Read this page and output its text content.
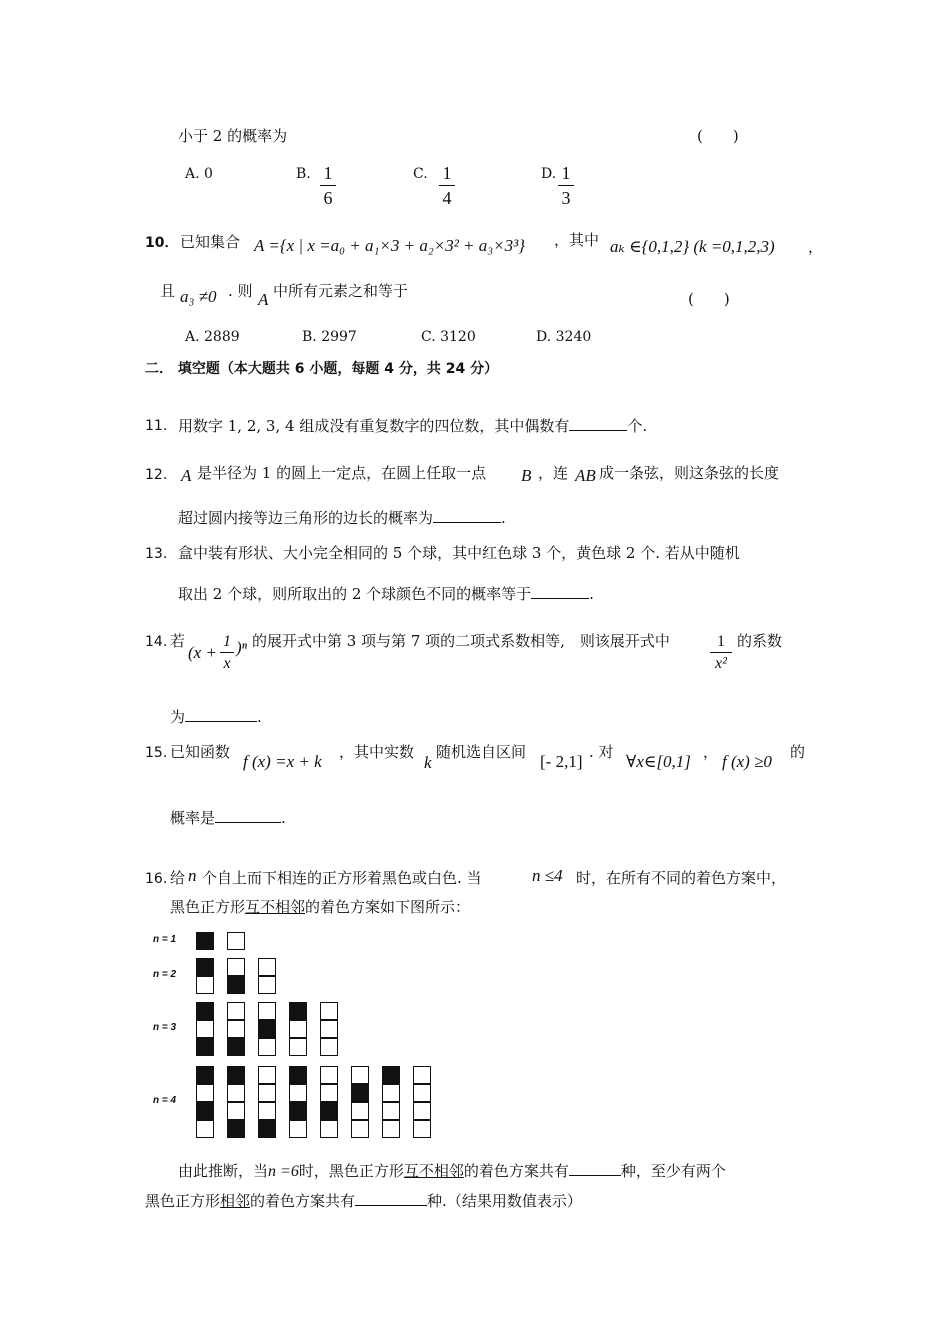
小于 2 的概率为	(　　)
A. 0	B. 1
6
C. 1
4
D. 1
3
10． 已知集合 A ={x | x =a₀ + a₁×3 + a₂×3² + a₃×3³} ，其中 aₖ ∈{0,1,2} (k =0,1,2,3) ，
且 a₃ ≠0 . 则 A 中所有元素之和等于	(　　)
A. 2889	B. 2997	C. 3120	D. 3240
二． 填空题（本大题共 6 小题，每题 4 分，共 24 分）
11. 用数字 1, 2, 3, 4 组成没有重复数字的四位数，其中偶数有	个.
12. A 是半径为 1 的圆上一定点，在圆上任取一点 B ，连 AB 成一条弦，则这条弦的长度
超过圆内接等边三角形的边长的概率为	.
13. 盒中装有形状、大小完全相同的 5 个球，其中红色球 3 个，黄色球 2 个. 若从中随机
取出 2 个球，则所取出的 2 个球颜色不同的概率等于	.
14. 若
(x +
1
x
)ⁿ 的展开式中第 3 项与第 7 项的二项式系数相等,　则该展开式中	1
x²
的系数
为	.
15. 已知函数 f (x) =x + k ，其中实数
k
随机选自区间 [- 2,1] . 对 ∀x∈[0,1] ， f (x) ≥0 的
概率是	.
16. 给 n 个自上而下相连的正方形着黑色或白色. 当	n ≤4 时，在所有不同的着色方案中，
黑色正方形互不相邻的着色方案如下图所示：
n = 1
n = 2
n = 3
n = 4
由此推断，当n =6时，黑色正方形互不相邻的着色方案共有	种，至少有两个
黑色正方形相邻的着色方案共有	种.（结果用数值表示）
